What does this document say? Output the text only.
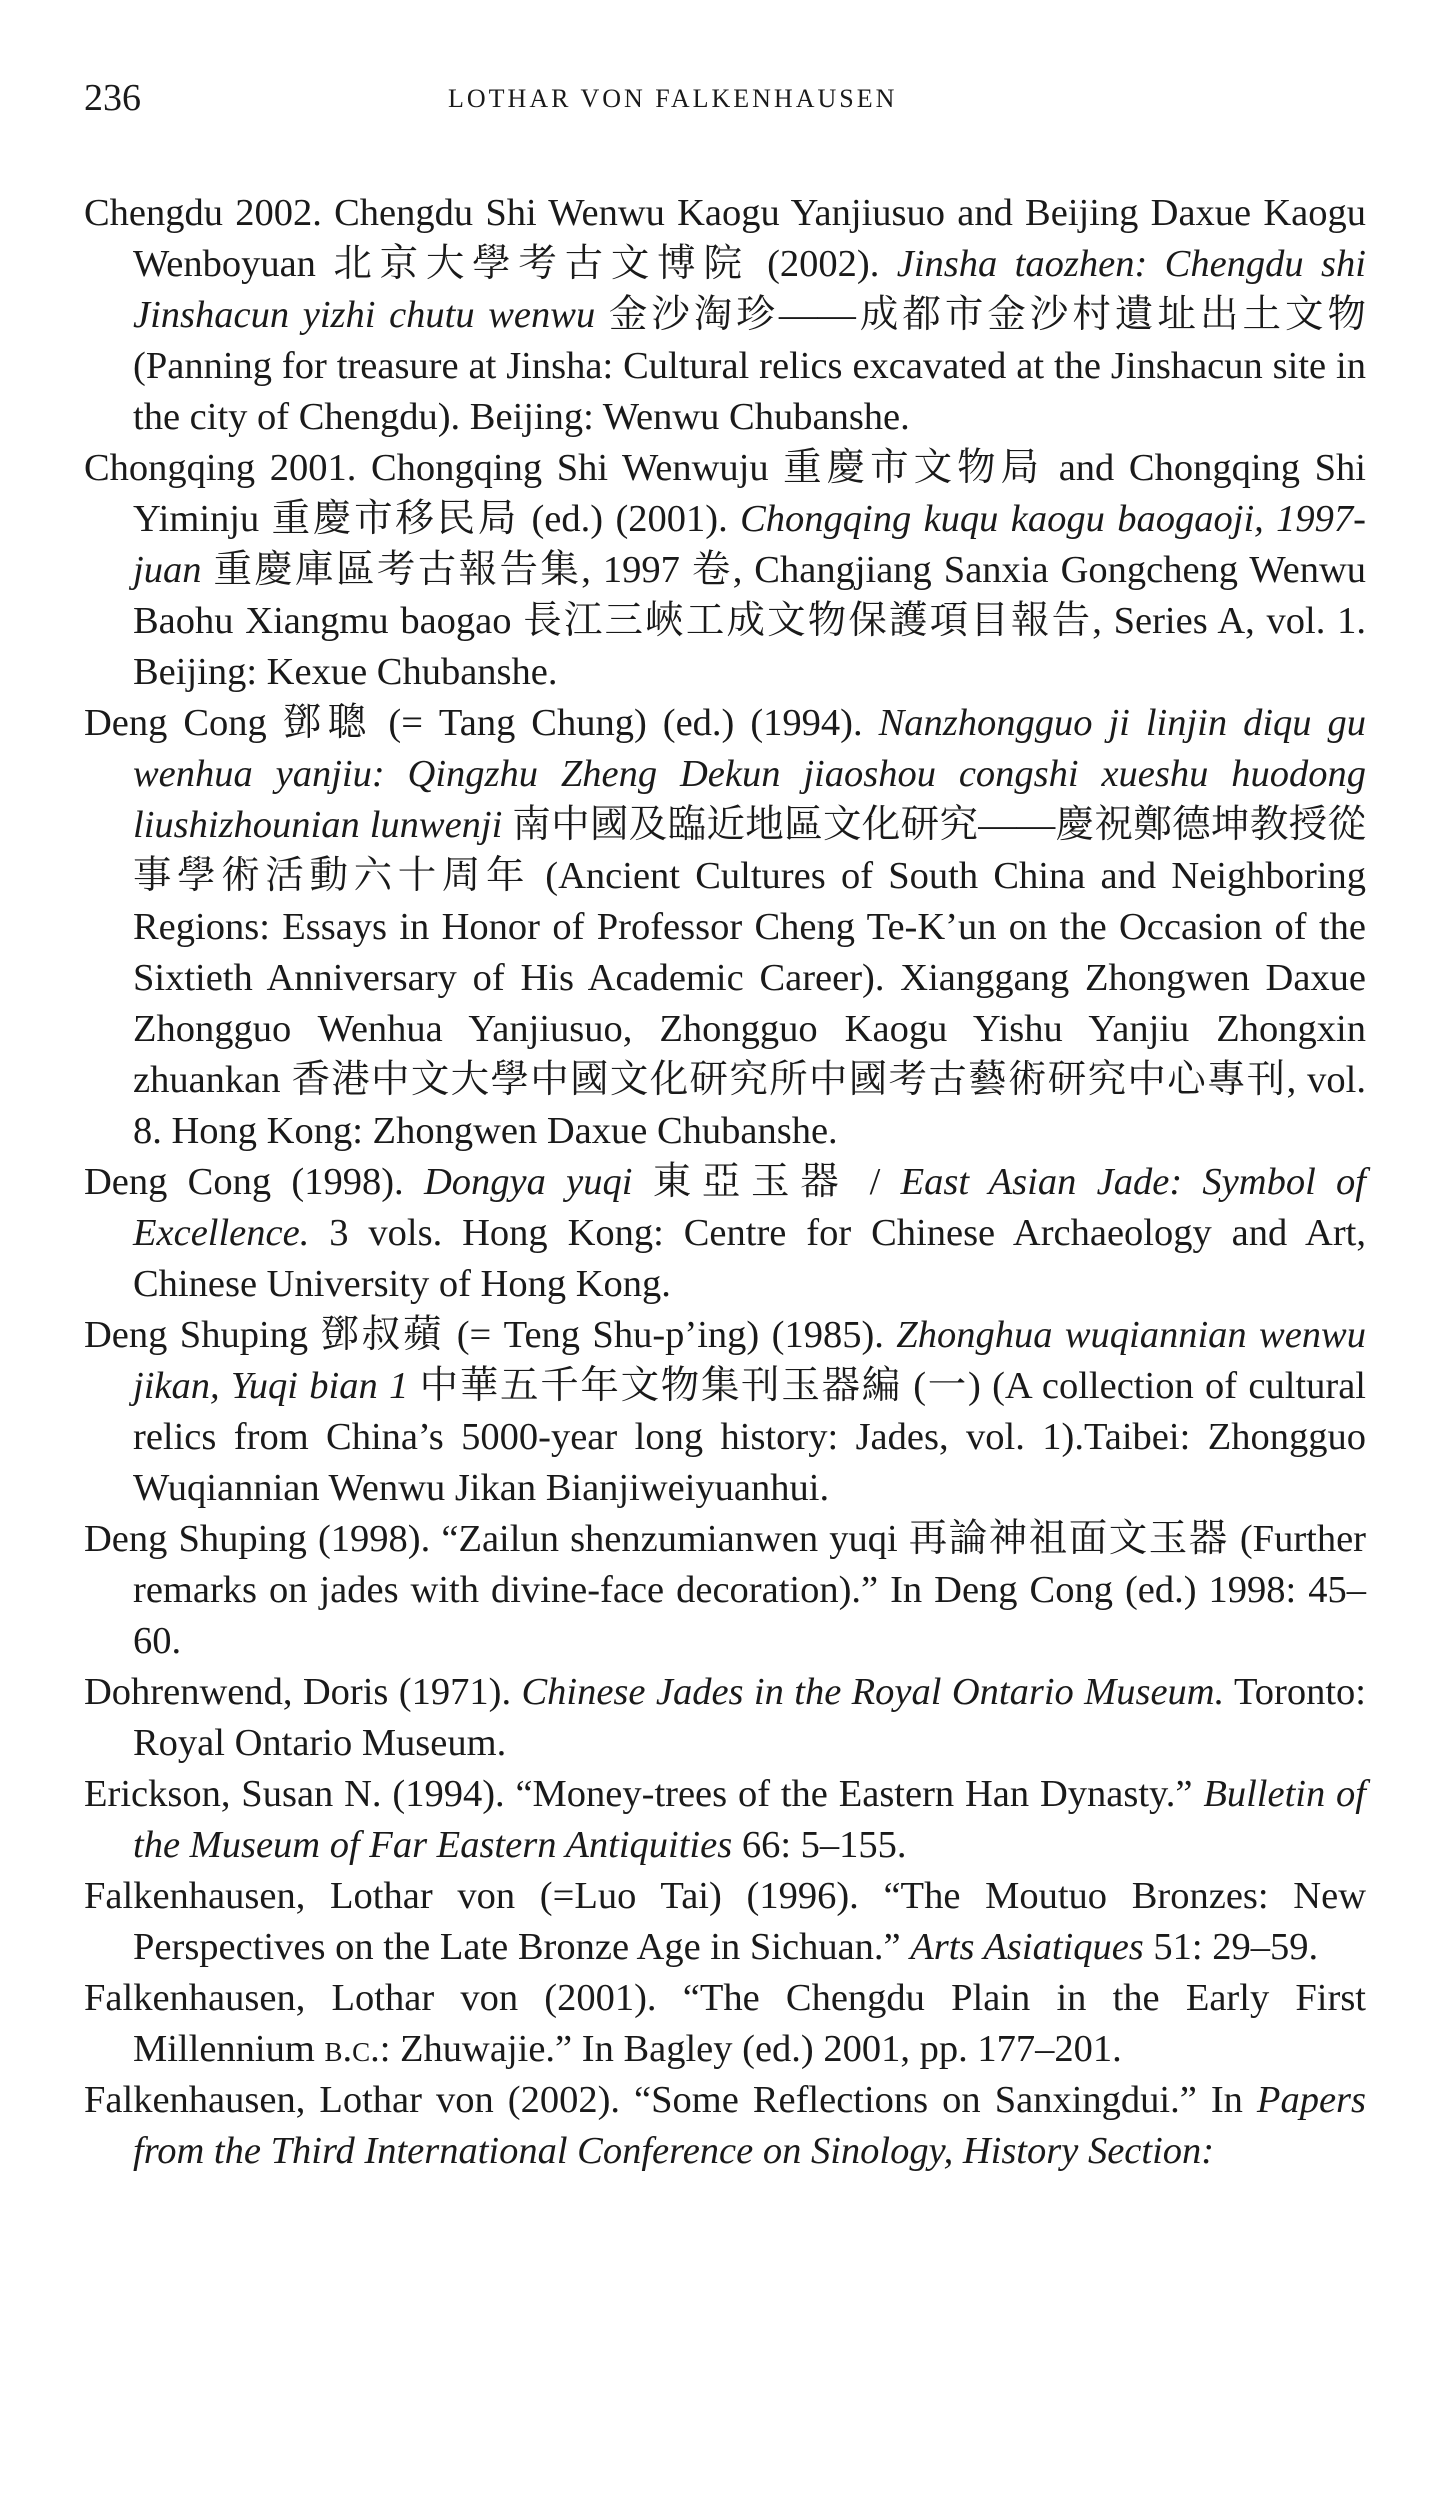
236	LOTHAR VON FALKENHAUSEN

Chengdu 2002. Chengdu Shi Wenwu Kaogu Yanjiusuo and Beijing Daxue Kaogu Wenboyuan 北京大學考古文博院 (2002). Jinsha taozhen: Chengdu shi Jinshacun yizhi chutu wenwu 金沙淘珍——成都市金沙村遺址出土文物 (Panning for treasure at Jinsha: Cultural relics excavated at the Jinshacun site in the city of Chengdu). Beijing: Wenwu Chubanshe.

Chongqing 2001. Chongqing Shi Wenwuju 重慶市文物局 and Chongqing Shi Yiminju 重慶市移民局 (ed.) (2001). Chongqing kuqu kaogu baogaoji, 1997-juan 重慶庫區考古報告集, 1997 卷, Changjiang Sanxia Gongcheng Wenwu Baohu Xiangmu baogao 長江三峽工成文物保護項目報告, Series A, vol. 1. Beijing: Kexue Chubanshe.

Deng Cong 鄧聰 (= Tang Chung) (ed.) (1994). Nanzhongguo ji linjin diqu gu wenhua yanjiu: Qingzhu Zheng Dekun jiaoshou congshi xueshu huodong liushizhounian lunwenji 南中國及臨近地區文化研究——慶祝鄭德坤教授從事學術活動六十周年 (Ancient Cultures of South China and Neighboring Regions: Essays in Honor of Professor Cheng Te-K’un on the Occasion of the Sixtieth Anniversary of His Academic Career). Xianggang Zhongwen Daxue Zhongguo Wenhua Yanjiusuo, Zhongguo Kaogu Yishu Yanjiu Zhongxin zhuankan 香港中文大學中國文化研究所中國考古藝術研究中心專刊, vol. 8. Hong Kong: Zhongwen Daxue Chubanshe.

Deng Cong (1998). Dongya yuqi 東亞玉器 / East Asian Jade: Symbol of Excellence. 3 vols. Hong Kong: Centre for Chinese Archaeology and Art, Chinese University of Hong Kong.

Deng Shuping 鄧叔蘋 (= Teng Shu-p’ing) (1985). Zhonghua wuqiannian wenwu jikan, Yuqi bian 1 中華五千年文物集刊玉器編 (一) (A collection of cultural relics from China’s 5000-year long history: Jades, vol. 1).Taibei: Zhongguo Wuqiannian Wenwu Jikan Bianjiweiyuanhui.

Deng Shuping (1998). “Zailun shenzumianwen yuqi 再論神祖面文玉器 (Further remarks on jades with divine-face decoration).” In Deng Cong (ed.) 1998: 45–60.

Dohrenwend, Doris (1971). Chinese Jades in the Royal Ontario Museum. Toronto: Royal Ontario Museum.

Erickson, Susan N. (1994). “Money-trees of the Eastern Han Dynasty.” Bulletin of the Museum of Far Eastern Antiquities 66: 5–155.

Falkenhausen, Lothar von (=Luo Tai) (1996). “The Moutuo Bronzes: New Perspectives on the Late Bronze Age in Sichuan.” Arts Asiatiques 51: 29–59.

Falkenhausen, Lothar von (2001). “The Chengdu Plain in the Early First Millennium b.c.: Zhuwajie.” In Bagley (ed.) 2001, pp. 177–201.

Falkenhausen, Lothar von (2002). “Some Reflections on Sanxingdui.” In Papers from the Third International Conference on Sinology, History Section:
